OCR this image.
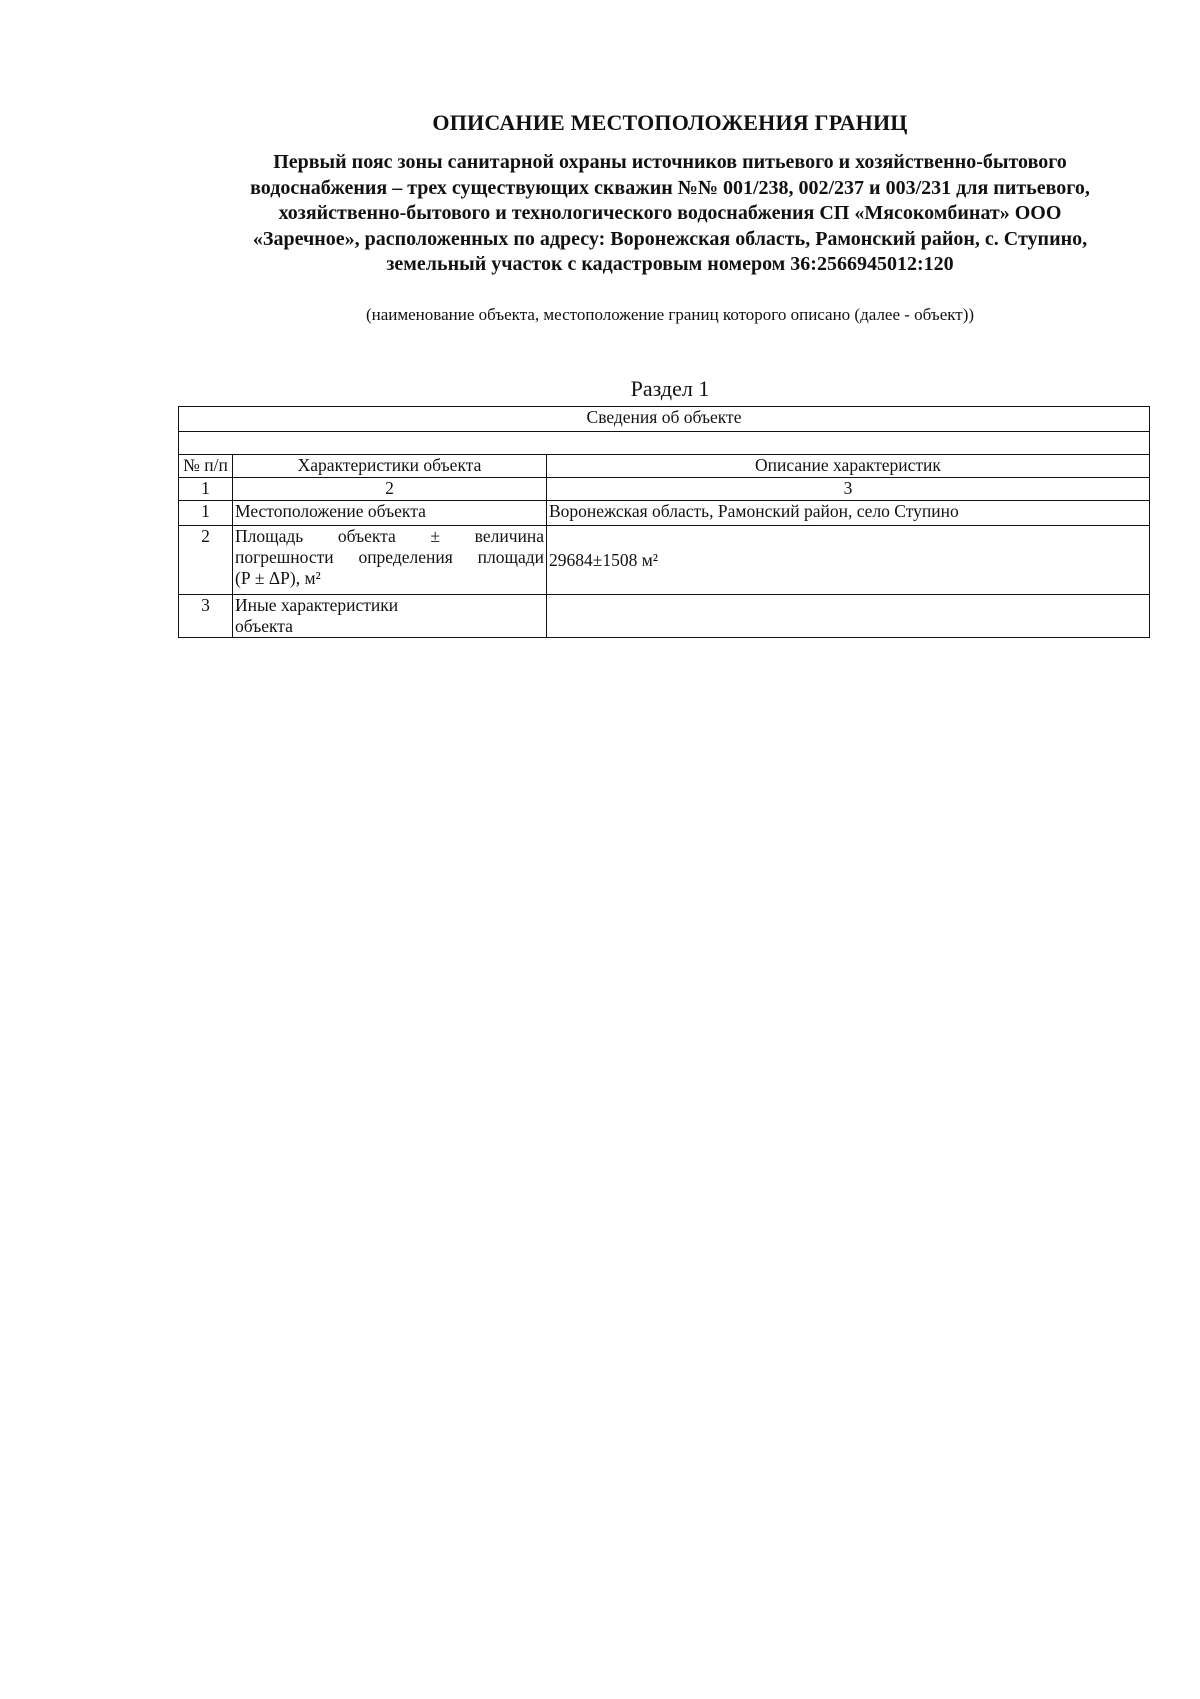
ОПИСАНИЕ МЕСТОПОЛОЖЕНИЯ ГРАНИЦ
Первый пояс зоны санитарной охраны источников питьевого и хозяйственно-бытового
водоснабжения – трех существующих скважин №№ 001/238, 002/237 и 003/231 для питьевого,
хозяйственно-бытового и технологического водоснабжения СП «Мясокомбинат» ООО
«Заречное», расположенных по адресу: Воронежская область, Рамонский район, с. Ступино,
земельный участок с кадастровым номером 36:2566945012:120
(наименование объекта, местоположение границ которого описано (далее - объект))
Раздел 1
Сведения об объекте		

№ п/п	Характеристики объекта	Описание характеристик
1	2	3
1	Местоположение объекта	Воронежская область, Рамонский район, село Ступино
2	Площадь объекта ± величина
погрешности определения площади
(Р ± ΔР), м²	29684±1508 м²
3	Иные характеристики
объекта	
